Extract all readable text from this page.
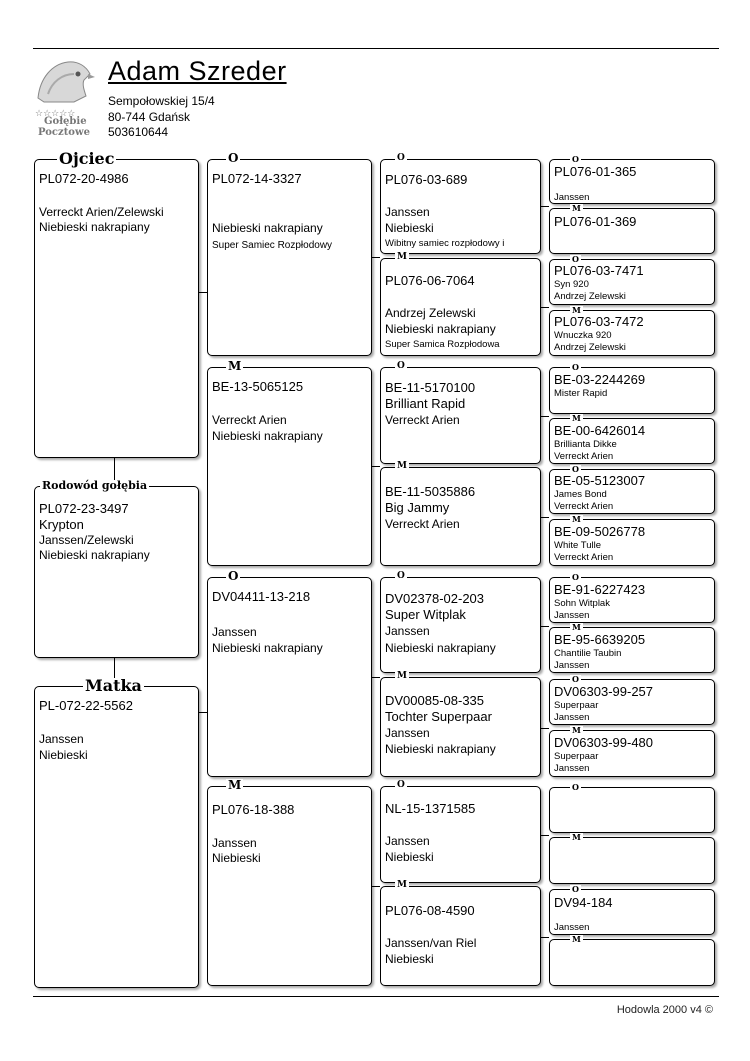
☆☆☆☆☆
Gołębie
Pocztowe
Adam Szreder
Sempołowskiej 15/4
80-744 Gdańsk
503610644
Ojciec
PL072-20-4986
Verreckt Arien/Zelewski
Niebieski nakrapiany
Rodowód gołębia
PL072-23-3497
Krypton
Janssen/Zelewski
Niebieski nakrapiany
Matka
PL-072-22-5562
Janssen
Niebieski
O
PL072-14-3327
Niebieski nakrapiany
Super Samiec Rozpłodowy
M
BE-13-5065125
Verreckt Arien
Niebieski nakrapiany
O
DV04411-13-218
Janssen
Niebieski nakrapiany
M
PL076-18-388
Janssen
Niebieski
O
PL076-03-689
Janssen
Niebieski
Wibitny samiec rozpłodowy i
M
PL076-06-7064
Andrzej Zelewski
Niebieski nakrapiany
Super Samica Rozpłodowa
O
BE-11-5170100
Brilliant Rapid
Verreckt Arien
M
BE-11-5035886
Big Jammy
Verreckt Arien
O
DV02378-02-203
Super Witplak
Janssen
Niebieski nakrapiany
M
DV00085-08-335
Tochter Superpaar
Janssen
Niebieski nakrapiany
O
NL-15-1371585
Janssen
Niebieski
M
PL076-08-4590
Janssen/van Riel
Niebieski
O
PL076-01-365
Janssen
M
PL076-01-369
O
PL076-03-7471
Syn 920
Andrzej Zelewski
M
PL076-03-7472
Wnuczka 920
Andrzej Zelewski
O
BE-03-2244269
Mister Rapid
M
BE-00-6426014
Brillianta Dikke
Verreckt Arien
O
BE-05-5123007
James Bond
Verreckt Arien
M
BE-09-5026778
White Tulle
Verreckt Arien
O
BE-91-6227423
Sohn Witplak
Janssen
M
BE-95-6639205
Chantilie Taubin
Janssen
O
DV06303-99-257
Superpaar
Janssen
M
DV06303-99-480
Superpaar
Janssen
O
M
O
DV94-184
Janssen
M
Hodowla 2000 v4 ©
